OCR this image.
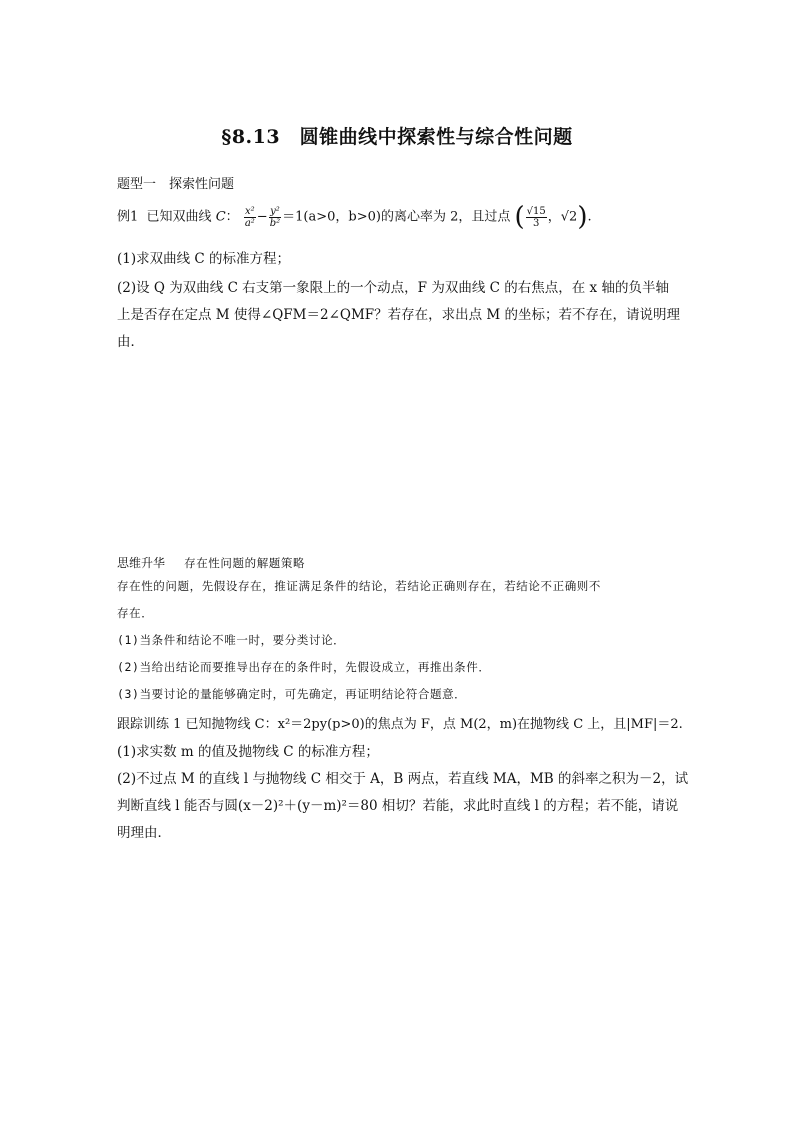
§8.13　圆锥曲线中探索性与综合性问题
题型一　探索性问题
例1 已知双曲线 C： $\frac{\text{x²}}{\text{a²}} - \frac{\text{y²}}{\text{b²}} =1(a>0$，b>0)的离心率为 2，且过点 ( $\frac{√15}{3}$ ，√2).
(1)求双曲线 C 的标准方程；
(2)设 Q 为双曲线 C 右支第一象限上的一个动点，F 为双曲线 C 的右焦点，在 x 轴的负半轴
上是否存在定点 M 使得∠QFM＝2∠QMF？若存在，求出点 M 的坐标；若不存在，请说明理
由．
思维升华 存在性问题的解题策略
存在性的问题，先假设存在，推证满足条件的结论，若结论正确则存在，若结论不正确则不
存在．
(1)当条件和结论不唯一时，要分类讨论．
(2)当给出结论而要推导出存在的条件时，先假设成立，再推出条件．
(3)当要讨论的量能够确定时，可先确定，再证明结论符合题意．
跟踪训练 1 已知抛物线 C：x²＝2py(p>0)的焦点为 F，点 M(2，m)在抛物线 C 上，且|MF|＝2.
(1)求实数 m 的值及抛物线 C 的标准方程；
(2)不过点 M 的直线 l 与抛物线 C 相交于 A，B 两点，若直线 MA，MB 的斜率之积为－2，试
判断直线 l 能否与圆(x－2)²＋(y－m)²＝80 相切？若能，求此时直线 l 的方程；若不能，请说
明理由．
